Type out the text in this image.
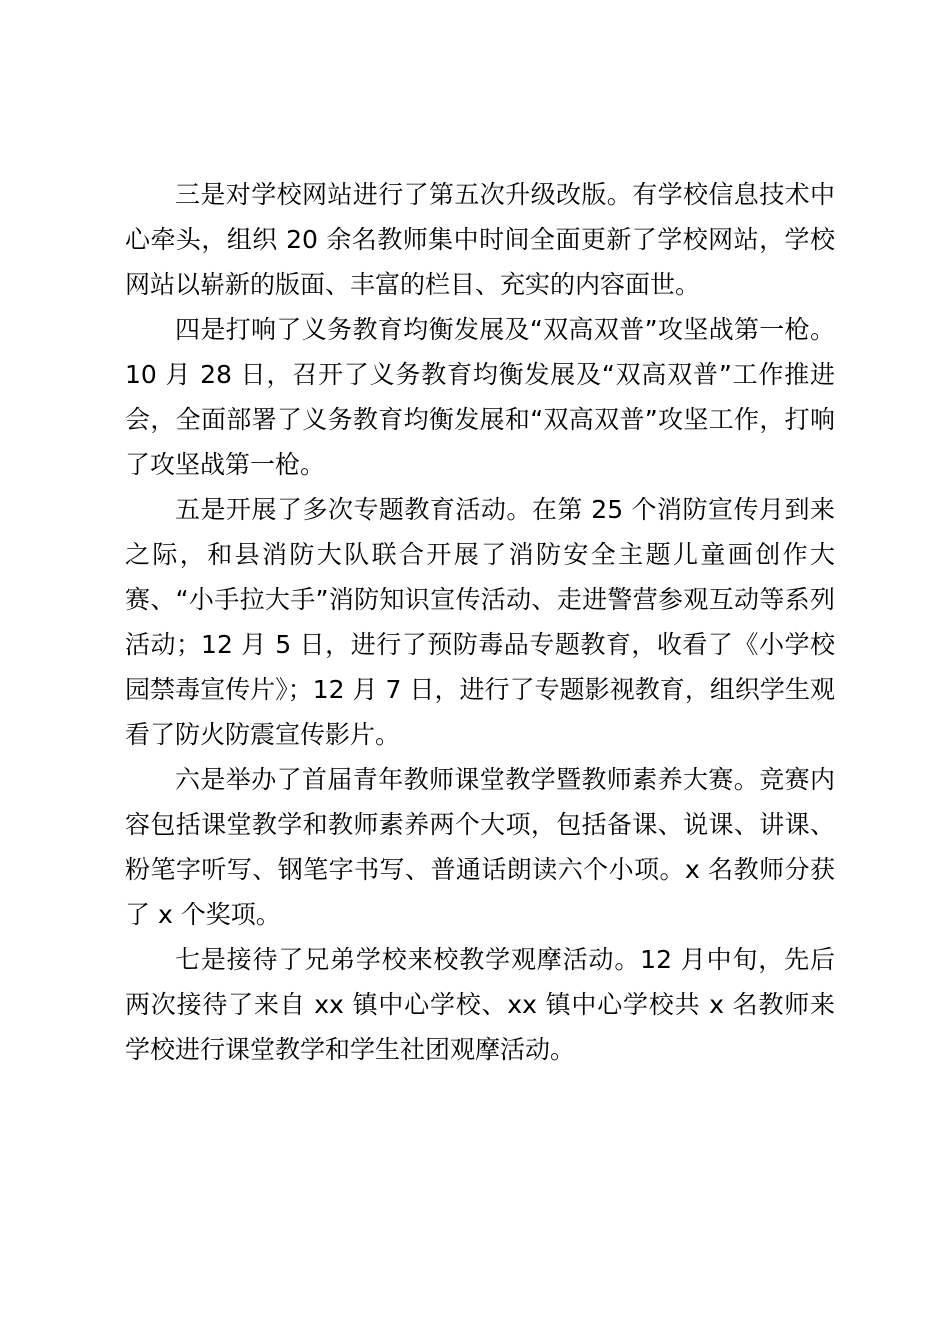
三是对学校网站进行了第五次升级改版。有学校信息技术中心牵头，组织 20 余名教师集中时间全面更新了学校网站，学校网站以崭新的版面、丰富的栏目、充实的内容面世。

四是打响了义务教育均衡发展及“双高双普”攻坚战第一枪。10 月 28 日，召开了义务教育均衡发展及“双高双普”工作推进会，全面部署了义务教育均衡发展和“双高双普”攻坚工作，打响了攻坚战第一枪。

五是开展了多次专题教育活动。在第 25 个消防宣传月到来之际，和县消防大队联合开展了消防安全主题儿童画创作大赛、“小手拉大手”消防知识宣传活动、走进警营参观互动等系列活动；12 月 5 日，进行了预防毒品专题教育，收看了《小学校园禁毒宣传片》；12 月 7 日，进行了专题影视教育，组织学生观看了防火防震宣传影片。

六是举办了首届青年教师课堂教学暨教师素养大赛。竞赛内容包括课堂教学和教师素养两个大项，包括备课、说课、讲课、粉笔字听写、钢笔字书写、普通话朗读六个小项。x 名教师分获了 x 个奖项。

七是接待了兄弟学校来校教学观摩活动。12 月中旬，先后两次接待了来自 xx 镇中心学校、xx 镇中心学校共 x 名教师来学校进行课堂教学和学生社团观摩活动。
